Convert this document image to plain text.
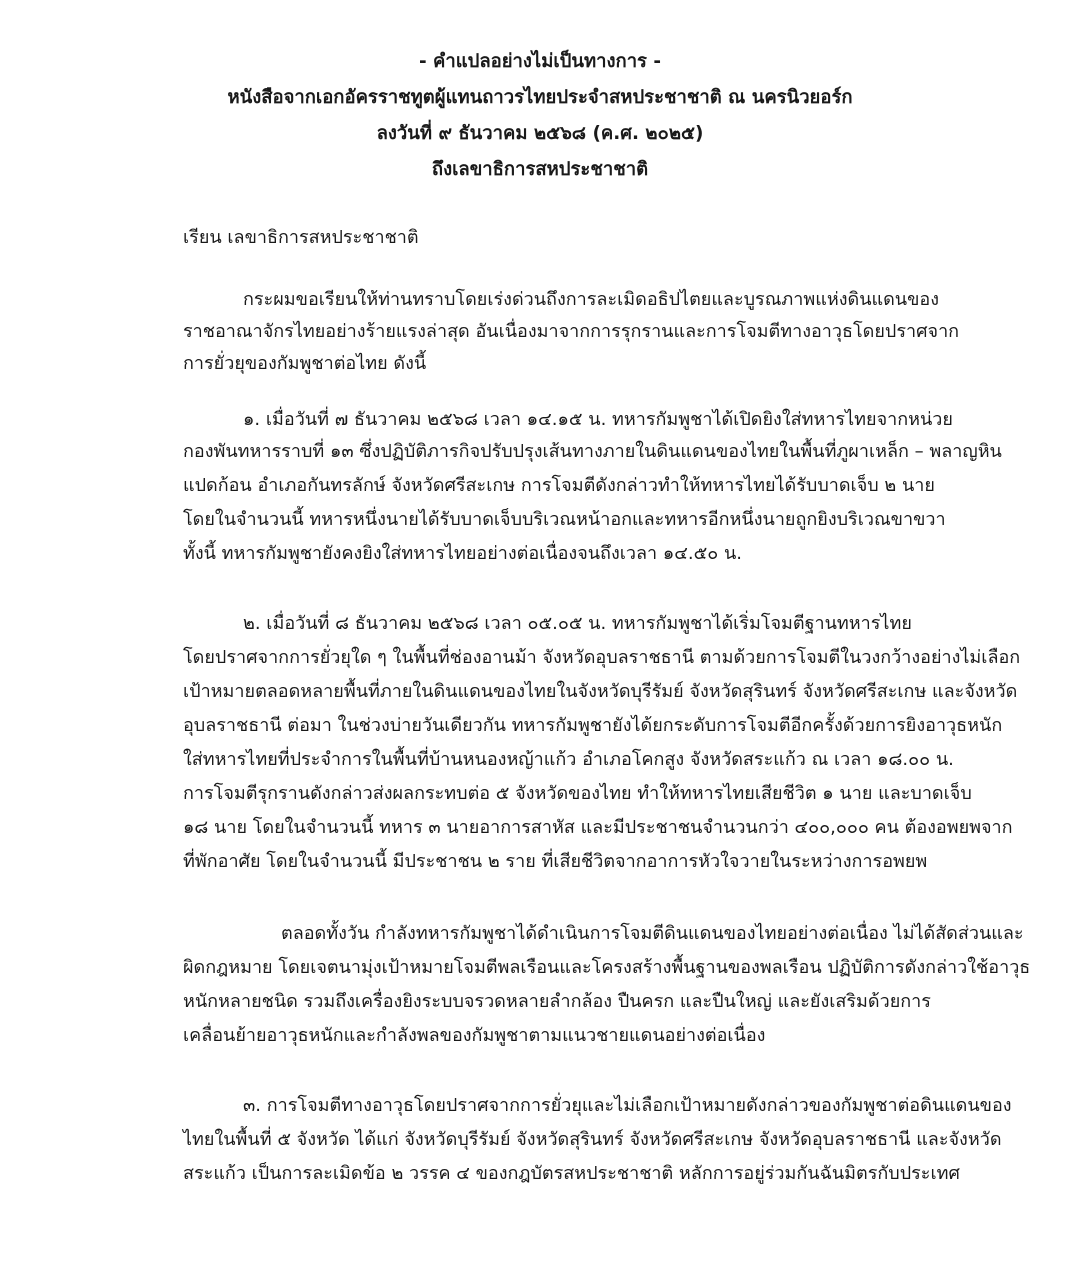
- คำแปลอย่างไม่เป็นทางการ -
หนังสือจากเอกอัครราชทูตผู้แทนถาวรไทยประจำสหประชาชาติ ณ นครนิวยอร์ก
ลงวันที่ ๙ ธันวาคม ๒๕๖๘ (ค.ศ. ๒๐๒๕)
ถึงเลขาธิการสหประชาชาติ
เรียน เลขาธิการสหประชาชาติ
กระผมขอเรียนให้ท่านทราบโดยเร่งด่วนถึงการละเมิดอธิปไตยและบูรณภาพแห่งดินแดนของ
ราชอาณาจักรไทยอย่างร้ายแรงล่าสุด อันเนื่องมาจากการรุกรานและการโจมตีทางอาวุธโดยปราศจาก
การยั่วยุของกัมพูชาต่อไทย ดังนี้
๑. เมื่อวันที่ ๗ ธันวาคม ๒๕๖๘ เวลา ๑๔.๑๕ น. ทหารกัมพูชาได้เปิดยิงใส่ทหารไทยจากหน่วย
กองพันทหารราบที่ ๑๓ ซึ่งปฏิบัติภารกิจปรับปรุงเส้นทางภายในดินแดนของไทยในพื้นที่ภูผาเหล็ก – พลาญหิน
แปดก้อน อำเภอกันทรลักษ์ จังหวัดศรีสะเกษ การโจมตีดังกล่าวทำให้ทหารไทยได้รับบาดเจ็บ ๒ นาย
โดยในจำนวนนี้ ทหารหนึ่งนายได้รับบาดเจ็บบริเวณหน้าอกและทหารอีกหนึ่งนายถูกยิงบริเวณขาขวา
ทั้งนี้ ทหารกัมพูชายังคงยิงใส่ทหารไทยอย่างต่อเนื่องจนถึงเวลา ๑๔.๕๐ น.
๒. เมื่อวันที่ ๘ ธันวาคม ๒๕๖๘ เวลา ๐๕.๐๕ น. ทหารกัมพูชาได้เริ่มโจมตีฐานทหารไทย
โดยปราศจากการยั่วยุใด ๆ ในพื้นที่ช่องอานม้า จังหวัดอุบลราชธานี ตามด้วยการโจมตีในวงกว้างอย่างไม่เลือก
เป้าหมายตลอดหลายพื้นที่ภายในดินแดนของไทยในจังหวัดบุรีรัมย์ จังหวัดสุรินทร์ จังหวัดศรีสะเกษ และจังหวัด
อุบลราชธานี ต่อมา ในช่วงบ่ายวันเดียวกัน ทหารกัมพูชายังได้ยกระดับการโจมตีอีกครั้งด้วยการยิงอาวุธหนัก
ใส่ทหารไทยที่ประจำการในพื้นที่บ้านหนองหญ้าแก้ว อำเภอโคกสูง จังหวัดสระแก้ว ณ เวลา ๑๘.๐๐ น.
การโจมตีรุกรานดังกล่าวส่งผลกระทบต่อ ๕ จังหวัดของไทย ทำให้ทหารไทยเสียชีวิต ๑ นาย และบาดเจ็บ
๑๘ นาย โดยในจำนวนนี้ ทหาร ๓ นายอาการสาหัส และมีประชาชนจำนวนกว่า ๔๐๐,๐๐๐ คน ต้องอพยพจาก
ที่พักอาศัย โดยในจำนวนนี้ มีประชาชน ๒ ราย ที่เสียชีวิตจากอาการหัวใจวายในระหว่างการอพยพ
ตลอดทั้งวัน กำลังทหารกัมพูชาได้ดำเนินการโจมตีดินแดนของไทยอย่างต่อเนื่อง ไม่ได้สัดส่วนและ
ผิดกฎหมาย โดยเจตนามุ่งเป้าหมายโจมตีพลเรือนและโครงสร้างพื้นฐานของพลเรือน ปฏิบัติการดังกล่าวใช้อาวุธ
หนักหลายชนิด รวมถึงเครื่องยิงระบบจรวดหลายลำกล้อง ปืนครก และปืนใหญ่ และยังเสริมด้วยการ
เคลื่อนย้ายอาวุธหนักและกำลังพลของกัมพูชาตามแนวชายแดนอย่างต่อเนื่อง
๓. การโจมตีทางอาวุธโดยปราศจากการยั่วยุและไม่เลือกเป้าหมายดังกล่าวของกัมพูชาต่อดินแดนของ
ไทยในพื้นที่ ๕ จังหวัด ได้แก่ จังหวัดบุรีรัมย์ จังหวัดสุรินทร์ จังหวัดศรีสะเกษ จังหวัดอุบลราชธานี และจังหวัด
สระแก้ว เป็นการละเมิดข้อ ๒ วรรค ๔ ของกฎบัตรสหประชาชาติ หลักการอยู่ร่วมกันฉันมิตรกับประเทศ
